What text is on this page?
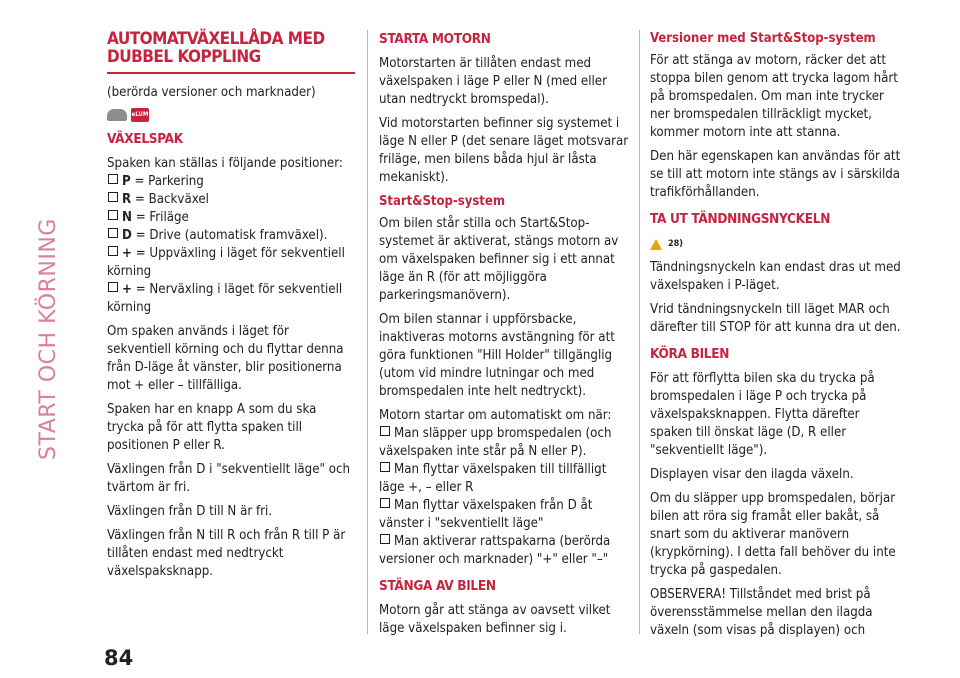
START OCH KÖRNING
AUTOMATVÄXELLÅDA MED
DUBBEL KOPPLING

(berörda versioner och marknader)

eLUM
VÄXELSPAK

Spaken kan ställas i följande positioner:

P = Parkering

R = Backväxel

N = Friläge

D = Drive (automatisk framväxel).

+ = Uppväxling i läget för sekventiell körning

+ = Nerväxling i läget för sekventiell körning

Om spaken används i läget för sekventiell körning och du flyttar denna från D-läge åt vänster, blir positionerna mot + eller – tillfälliga.

Spaken har en knapp A som du ska trycka på för att flytta spaken till positionen P eller R.

Växlingen från D i "sekventiellt läge" och tvärtom är fri.

Växlingen från D till N är fri.

Växlingen från N till R och från R till P är tillåten endast med nedtryckt växelspaksknapp.

STARTA MOTORN

Motorstarten är tillåten endast med växelspaken i läge P eller N (med eller utan nedtryckt bromspedal).

Vid motorstarten befinner sig systemet i läge N eller P (det senare läget motsvarar friläge, men bilens båda hjul är låsta mekaniskt).

Start&Stop-system

Om bilen står stilla och Start&Stop-systemet är aktiverat, stängs motorn av om växelspaken befinner sig i ett annat läge än R (för att möjliggöra parkeringsmanövern).

Om bilen stannar i uppförsbacke, inaktiveras motorns avstängning för att göra funktionen "Hill Holder" tillgänglig (utom vid mindre lutningar och med bromspedalen inte helt nedtryckt).

Motorn startar om automatiskt om när:

Man släpper upp bromspedalen (och växelspaken inte står på N eller P).

Man flyttar växelspaken till tillfälligt läge +, – eller R

Man flyttar växelspaken från D åt vänster i "sekventiellt läge"

Man aktiverar rattspakarna (berörda versioner och marknader) "+" eller "–"

STÄNGA AV BILEN

Motorn går att stänga av oavsett vilket läge växelspaken befinner sig i.

Versioner med Start&Stop-system

För att stänga av motorn, räcker det att stoppa bilen genom att trycka lagom hårt på bromspedalen. Om man inte trycker ner bromspedalen tillräckligt mycket, kommer motorn inte att stanna.

Den här egenskapen kan användas för att se till att motorn inte stängs av i särskilda trafikförhållanden.

TA UT TÄNDNINGSNYCKELN
28)

Tändningsnyckeln kan endast dras ut med växelspaken i P-läget.

Vrid tändningsnyckeln till läget MAR och därefter till STOP för att kunna dra ut den.

KÖRA BILEN

För att förflytta bilen ska du trycka på bromspedalen i läge P och trycka på växelspaksknappen. Flytta därefter spaken till önskat läge (D, R eller "sekventiellt läge").

Displayen visar den ilagda växeln.

Om du släpper upp bromspedalen, börjar bilen att röra sig framåt eller bakåt, så snart som du aktiverar manövern (krypkörning). I detta fall behöver du inte trycka på gaspedalen.

OBSERVERA! Tillståndet med brist på överensstämmelse mellan den ilagda växeln (som visas på displayen) och

84
